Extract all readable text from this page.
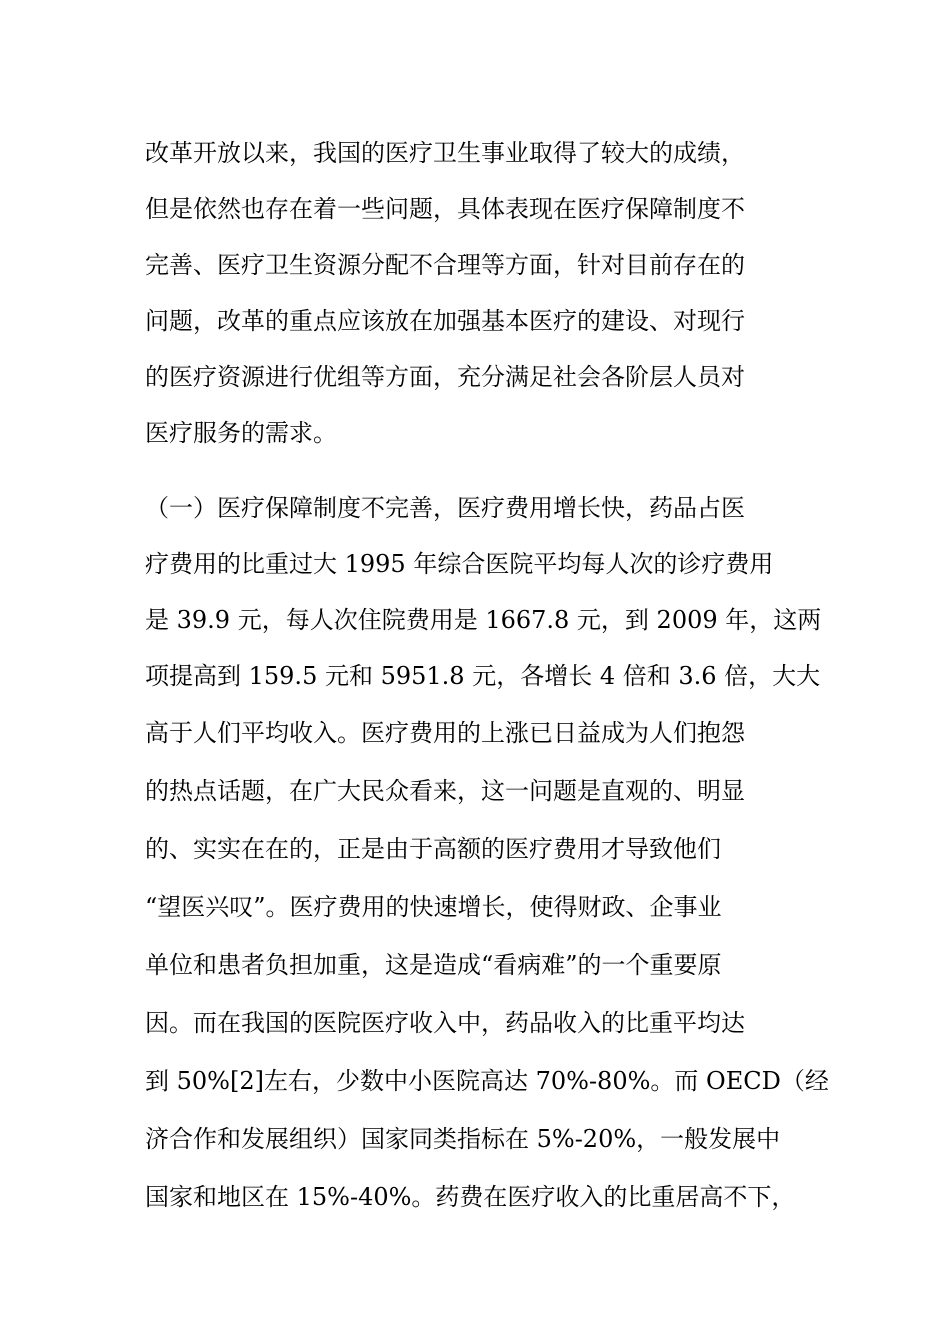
改革开放以来，我国的医疗卫生事业取得了较大的成绩，
但是依然也存在着一些问题，具体表现在医疗保障制度不
完善、医疗卫生资源分配不合理等方面，针对目前存在的
问题，改革的重点应该放在加强基本医疗的建设、对现行
的医疗资源进行优组等方面，充分满足社会各阶层人员对
医疗服务的需求。
（一）医疗保障制度不完善，医疗费用增长快，药品占医
疗费用的比重过大 1995 年综合医院平均每人次的诊疗费用
是 39.9 元，每人次住院费用是 1667.8 元，到 2009 年，这两
项提高到 159.5 元和 5951.8 元，各增长 4 倍和 3.6 倍，大大
高于人们平均收入。医疗费用的上涨已日益成为人们抱怨
的热点话题，在广大民众看来，这一问题是直观的、明显
的、实实在在的，正是由于高额的医疗费用才导致他们
“望医兴叹”。医疗费用的快速增长，使得财政、企事业
单位和患者负担加重，这是造成“看病难”的一个重要原
因。而在我国的医院医疗收入中，药品收入的比重平均达
到 50%[2]左右，少数中小医院高达 70%-80%。而 OECD（经
济合作和发展组织）国家同类指标在 5%-20%，一般发展中
国家和地区在 15%-40%。药费在医疗收入的比重居高不下，
